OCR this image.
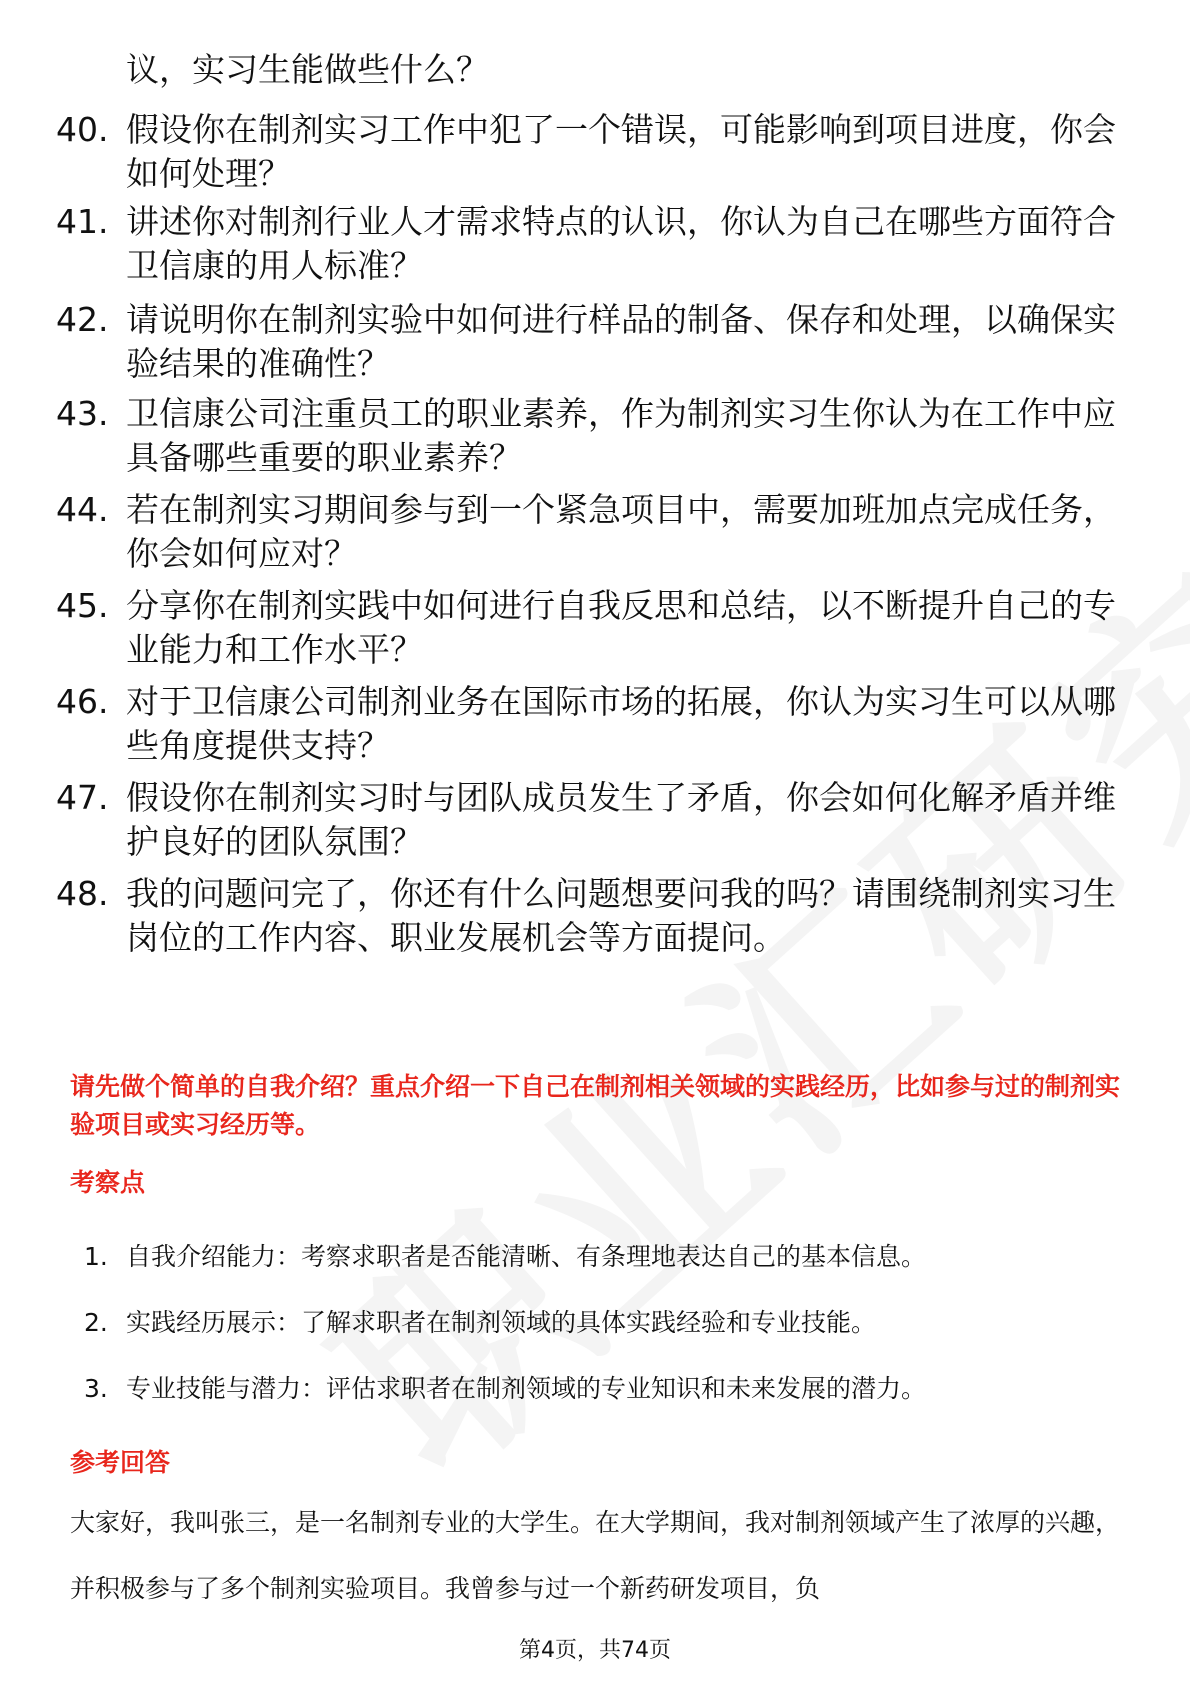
议，实习生能做些什么？

40. 假设你在制剂实习工作中犯了一个错误，可能影响到项目进度，你会如何处理？
41. 讲述你对制剂行业人才需求特点的认识，你认为自己在哪些方面符合卫信康的用人标准？
42. 请说明你在制剂实验中如何进行样品的制备、保存和处理，以确保实验结果的准确性？
43. 卫信康公司注重员工的职业素养，作为制剂实习生你认为在工作中应具备哪些重要的职业素养？
44. 若在制剂实习期间参与到一个紧急项目中，需要加班加点完成任务，你会如何应对？
45. 分享你在制剂实践中如何进行自我反思和总结，以不断提升自己的专业能力和工作水平？
46. 对于卫信康公司制剂业务在国际市场的拓展，你认为实习生可以从哪些角度提供支持？
47. 假设你在制剂实习时与团队成员发生了矛盾，你会如何化解矛盾并维护良好的团队氛围？
48. 我的问题问完了，你还有什么问题想要问我的吗？请围绕制剂实习生岗位的工作内容、职业发展机会等方面提问。

请先做个简单的自我介绍？重点介绍一下自己在制剂相关领域的实践经历，比如参与过的制剂实验项目或实习经历等。

考察点

1. 自我介绍能力：考察求职者是否能清晰、有条理地表达自己的基本信息。
2. 实践经历展示：了解求职者在制剂领域的具体实践经验和专业技能。
3. 专业技能与潜力：评估求职者在制剂领域的专业知识和未来发展的潜力。

参考回答

大家好，我叫张三，是一名制剂专业的大学生。在大学期间，我对制剂领域产生了浓厚的兴趣，并积极参与了多个制剂实验项目。我曾参与过一个新药研发项目，负

第4页，共74页
